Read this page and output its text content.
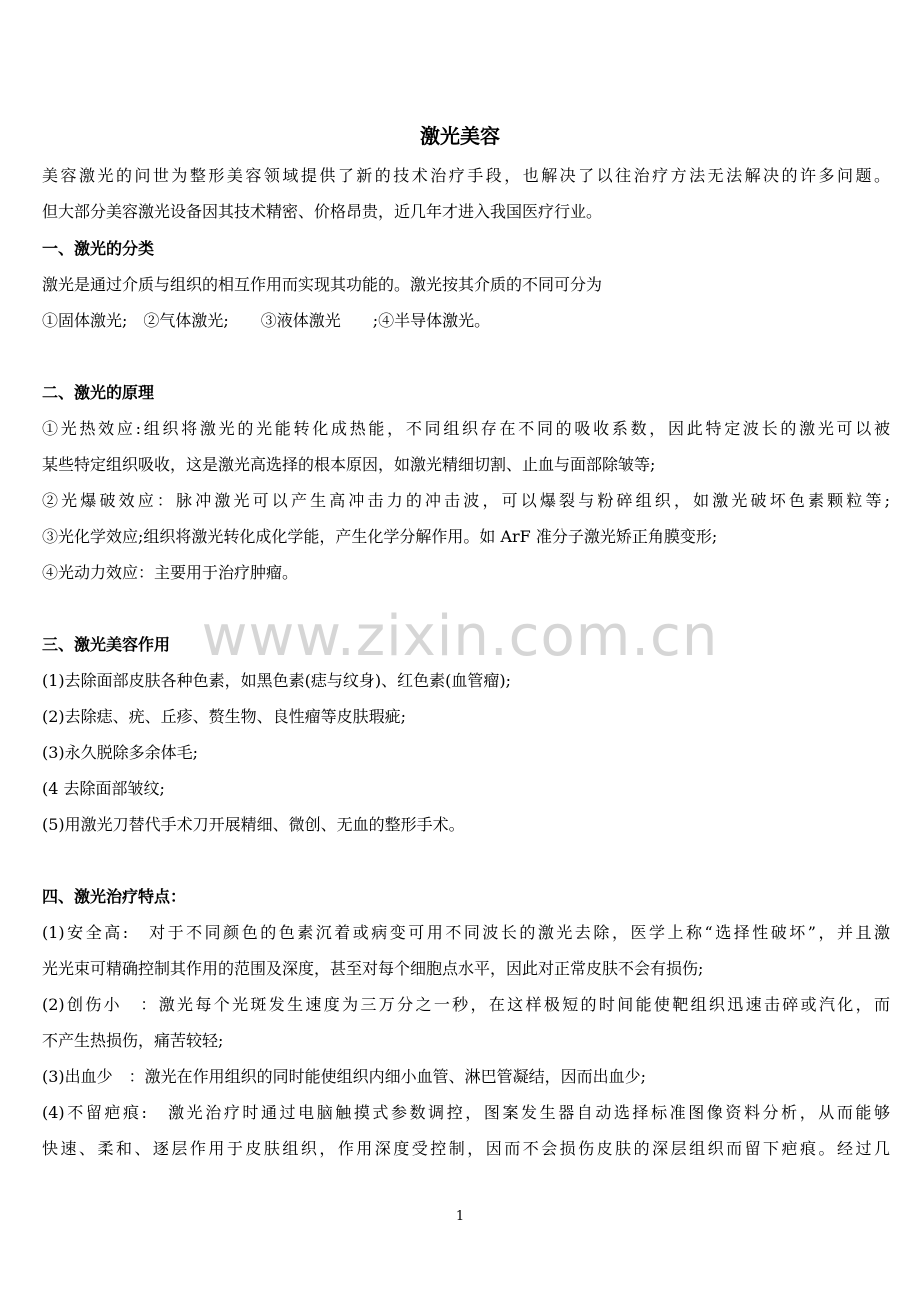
激光美容
美容激光的问世为整形美容领域提供了新的技术治疗手段，也解决了以往治疗方法无法解决的许多问题。
但大部分美容激光设备因其技术精密、价格昂贵，近几年才进入我国医疗行业。
一、激光的分类
激光是通过介质与组织的相互作用而实现其功能的。激光按其介质的不同可分为
①固体激光;　②气体激光;　　③液体激光　　;④半导体激光。
二、激光的原理
①光热效应:组织将激光的光能转化成热能，不同组织存在不同的吸收系数，因此特定波长的激光可以被
某些特定组织吸收，这是激光高选择的根本原因，如激光精细切割、止血与面部除皱等;
②光爆破效应：脉冲激光可以产生高冲击力的冲击波，可以爆裂与粉碎组织，如激光破坏色素颗粒等;
③光化学效应;组织将激光转化成化学能，产生化学分解作用。如 ArF 准分子激光矫正角膜变形;
④光动力效应：主要用于治疗肿瘤。
www.zixin.com.cn
三、激光美容作用
(1)去除面部皮肤各种色素，如黑色素(痣与纹身)、红色素(血管瘤);
(2)去除痣、疣、丘疹、赘生物、良性瘤等皮肤瑕疵;
(3)永久脱除多余体毛;
(4 去除面部皱纹;
(5)用激光刀替代手术刀开展精细、微创、无血的整形手术。
四、激光治疗特点：
(1)安全高:　对于不同颜色的色素沉着或病变可用不同波长的激光去除，医学上称“选择性破坏”，并且激
光光束可精确控制其作用的范围及深度，甚至对每个细胞点水平，因此对正常皮肤不会有损伤;
(2)创伤小　：激光每个光斑发生速度为三万分之一秒，在这样极短的时间能使靶组织迅速击碎或汽化，而
不产生热损伤，痛苦较轻;
(3)出血少　：激光在作用组织的同时能使组织内细小血管、淋巴管凝结，因而出血少;
(4)不留疤痕:　激光治疗时通过电脑触摸式参数调控，图案发生器自动选择标准图像资料分析，从而能够
快速、柔和、逐层作用于皮肤组织，作用深度受控制，因而不会损伤皮肤的深层组织而留下疤痕。经过几
1
